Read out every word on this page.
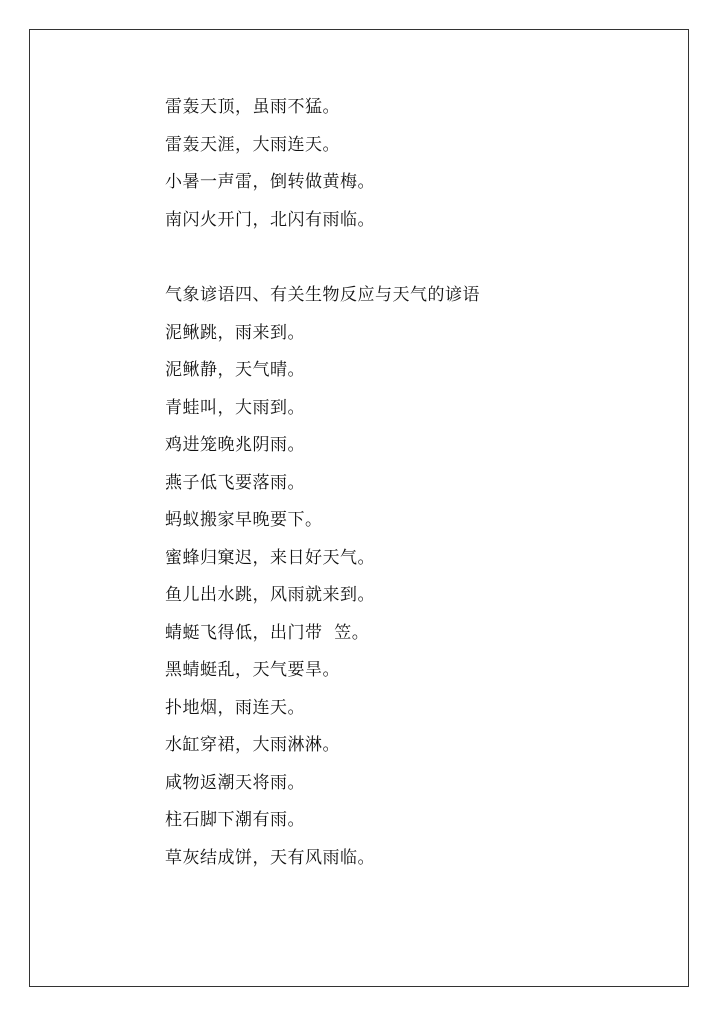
雷轰天顶，虽雨不猛。
雷轰天涯，大雨连天。
小暑一声雷，倒转做黄梅。
南闪火开门，北闪有雨临。
气象谚语四、有关生物反应与天气的谚语
泥鳅跳，雨来到。
泥鳅静，天气晴。
青蛙叫，大雨到。
鸡进笼晚兆阴雨。
燕子低飞要落雨。
蚂蚁搬家早晚要下。
蜜蜂归窠迟，来日好天气。
鱼儿出水跳，风雨就来到。
蜻蜓飞得低，出门带  笠。
黑蜻蜓乱，天气要旱。
扑地烟，雨连天。
水缸穿裙，大雨淋淋。
咸物返潮天将雨。
柱石脚下潮有雨。
草灰结成饼，天有风雨临。
